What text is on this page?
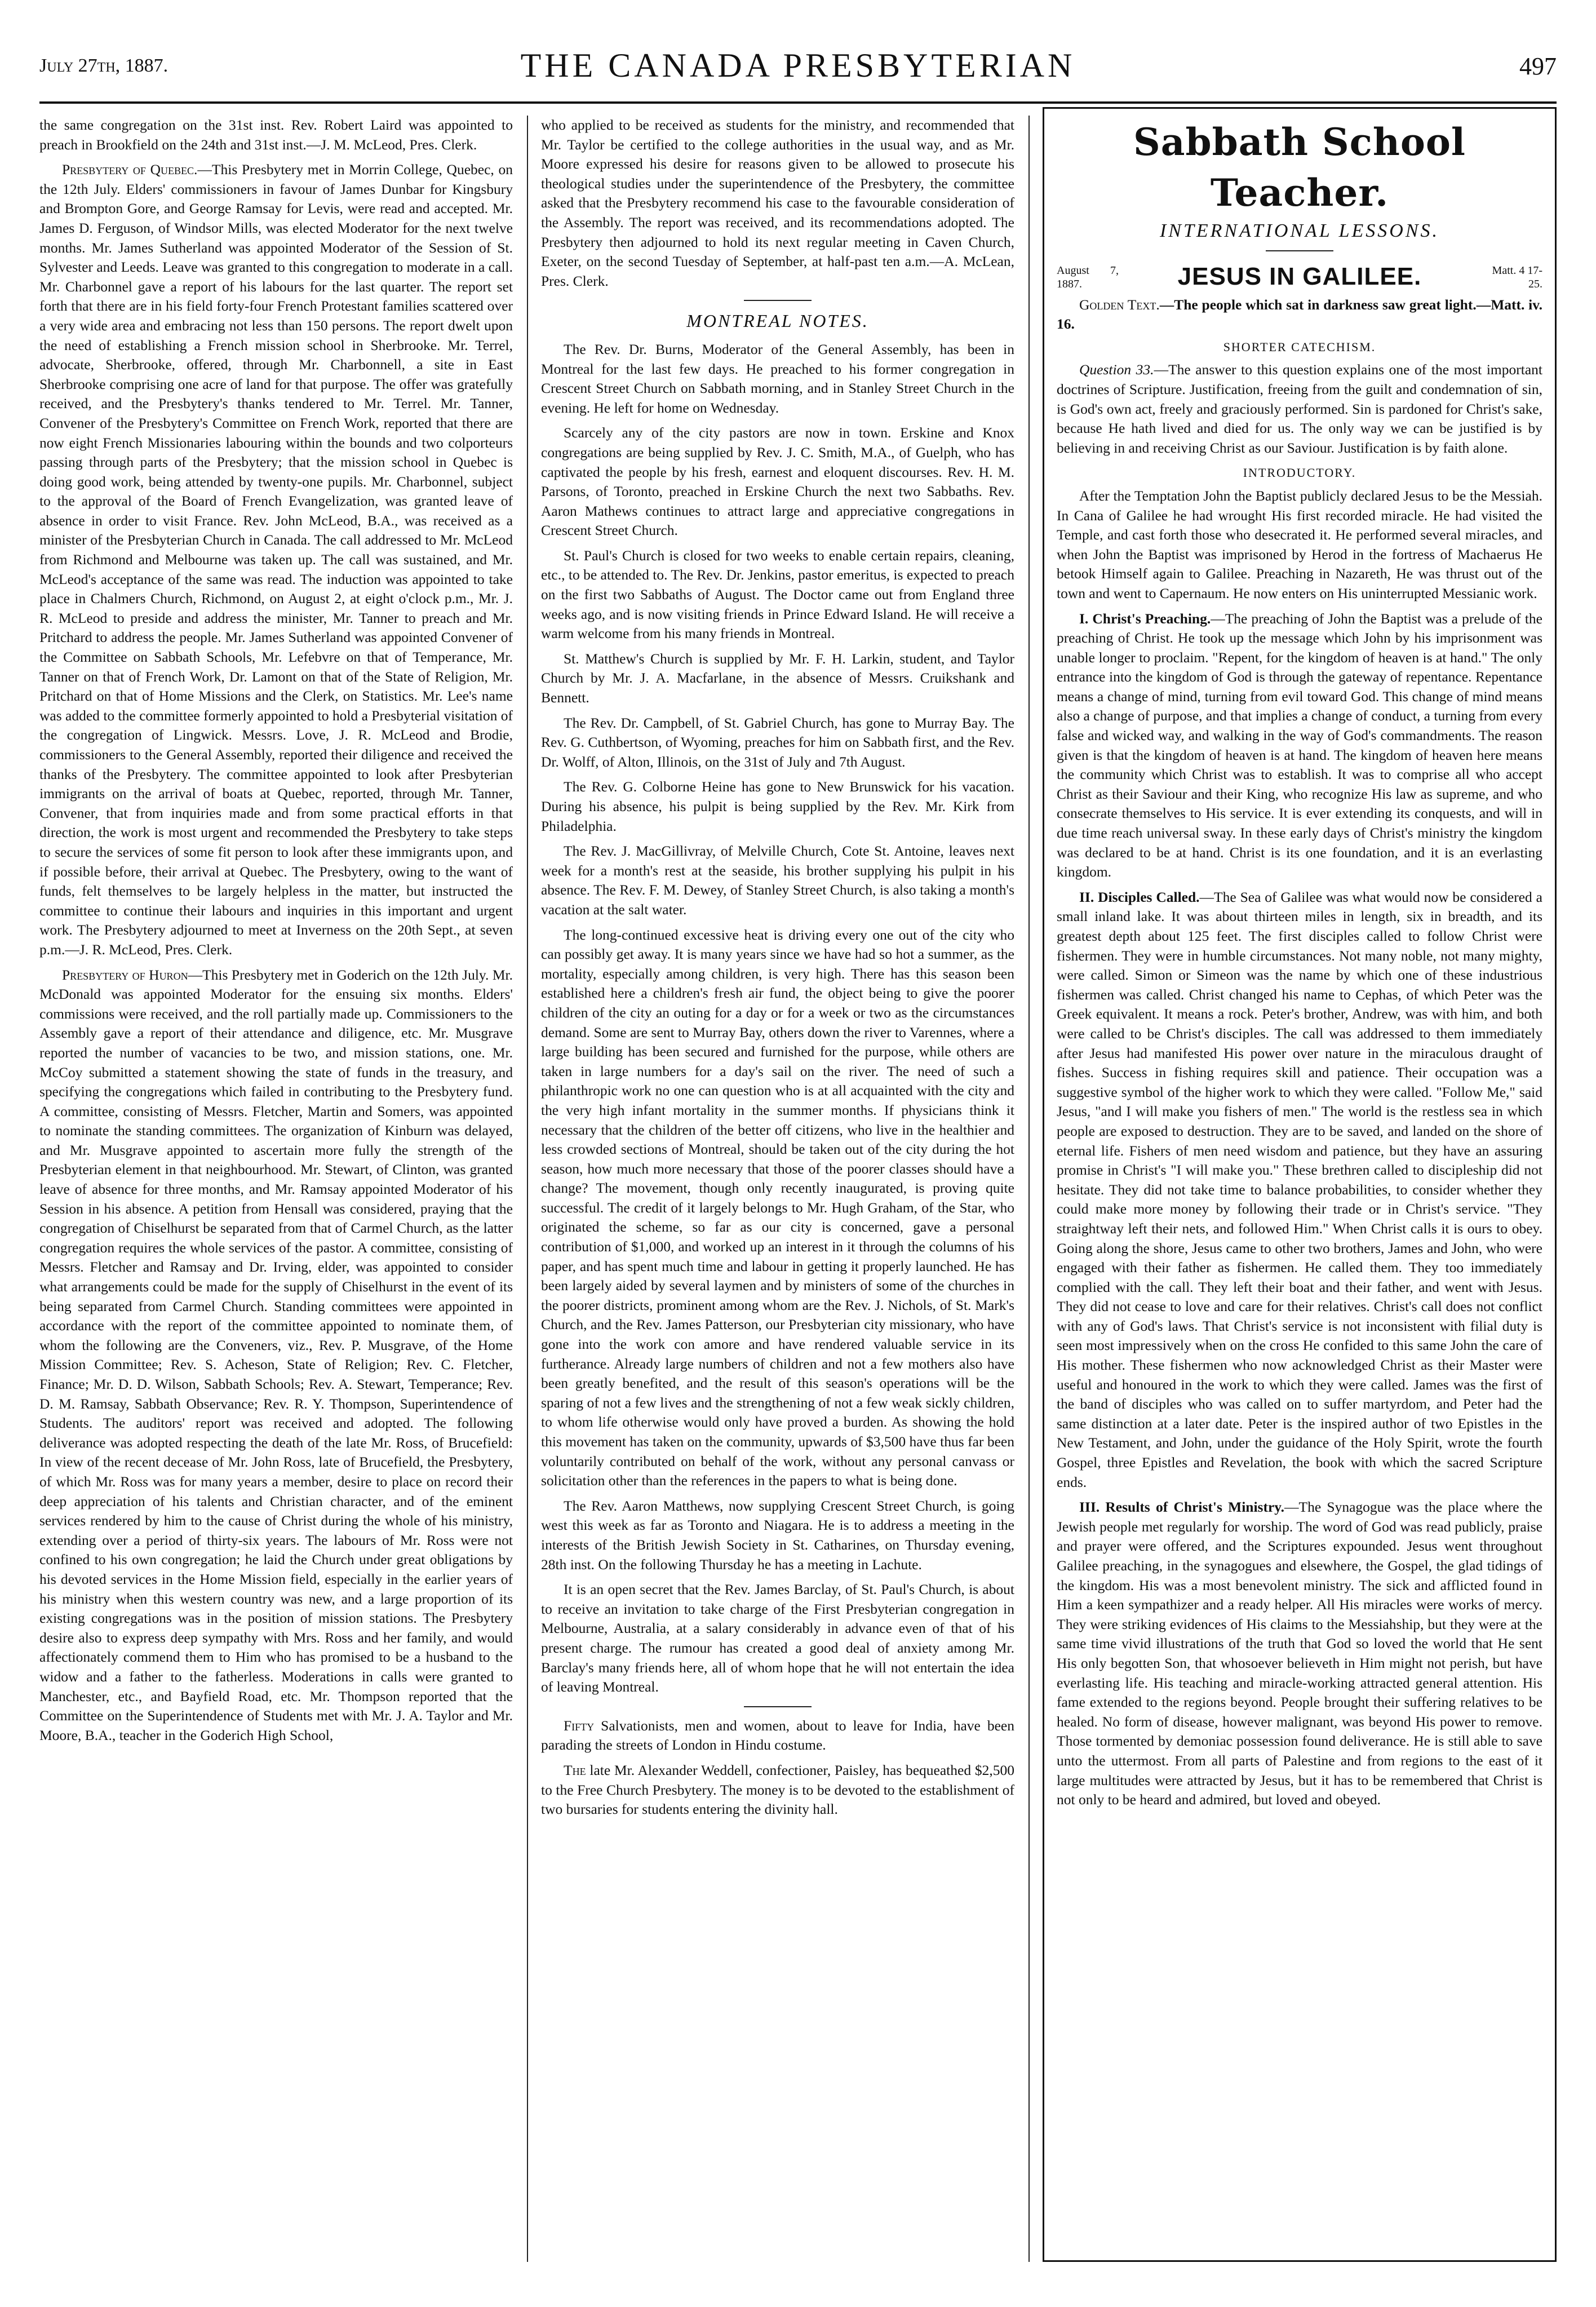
July 27th, 1887.	THE CANADA PRESBYTERIAN	497

the same congregation on the 31st inst. Rev. Robert Laird was appointed to preach in Brookfield on the 24th and 31st inst.—J. M. McLeod, Pres. Clerk.

Presbytery of Quebec.—This Presbytery met in Morrin College, Quebec, on the 12th July. Elders' commissioners in favour of James Dunbar for Kingsbury and Brompton Gore, and George Ramsay for Levis, were read and accepted. Mr. James D. Ferguson, of Windsor Mills, was elected Moderator for the next twelve months. Mr. James Sutherland was appointed Moderator of the Session of St. Sylvester and Leeds. Leave was granted to this congregation to moderate in a call. Mr. Charbonnel gave a report of his labours for the last quarter. The report set forth that there are in his field forty-four French Protestant families scattered over a very wide area and embracing not less than 150 persons. The report dwelt upon the need of establishing a French mission school in Sherbrooke. Mr. Terrel, advocate, Sherbrooke, offered, through Mr. Charbonnell, a site in East Sherbrooke comprising one acre of land for that purpose. The offer was gratefully received, and the Presbytery's thanks tendered to Mr. Terrel. Mr. Tanner, Convener of the Presbytery's Committee on French Work, reported that there are now eight French Missionaries labouring within the bounds and two colporteurs passing through parts of the Presbytery; that the mission school in Quebec is doing good work, being attended by twenty-one pupils. Mr. Charbonnel, subject to the approval of the Board of French Evangelization, was granted leave of absence in order to visit France. Rev. John McLeod, B.A., was received as a minister of the Presbyterian Church in Canada. The call addressed to Mr. McLeod from Richmond and Melbourne was taken up. The call was sustained, and Mr. McLeod's acceptance of the same was read. The induction was appointed to take place in Chalmers Church, Richmond, on August 2, at eight o'clock p.m., Mr. J. R. McLeod to preside and address the minister, Mr. Tanner to preach and Mr. Pritchard to address the people. Mr. James Sutherland was appointed Convener of the Committee on Sabbath Schools, Mr. Lefebvre on that of Temperance, Mr. Tanner on that of French Work, Dr. Lamont on that of the State of Religion, Mr. Pritchard on that of Home Missions and the Clerk, on Statistics. Mr. Lee's name was added to the committee formerly appointed to hold a Presbyterial visitation of the congregation of Lingwick. Messrs. Love, J. R. McLeod and Brodie, commissioners to the General Assembly, reported their diligence and received the thanks of the Presbytery. The committee appointed to look after Presbyterian immigrants on the arrival of boats at Quebec, reported, through Mr. Tanner, Convener, that from inquiries made and from some practical efforts in that direction, the work is most urgent and recommended the Presbytery to take steps to secure the services of some fit person to look after these immigrants upon, and if possible before, their arrival at Quebec. The Presbytery, owing to the want of funds, felt themselves to be largely helpless in the matter, but instructed the committee to continue their labours and inquiries in this important and urgent work. The Presbytery adjourned to meet at Inverness on the 20th Sept., at seven p.m.—J. R. McLeod, Pres. Clerk.

Presbytery of Huron—This Presbytery met in Goderich on the 12th July. Mr. McDonald was appointed Moderator for the ensuing six months. Elders' commissions were received, and the roll partially made up. Commissioners to the Assembly gave a report of their attendance and diligence, etc. Mr. Musgrave reported the number of vacancies to be two, and mission stations, one. Mr. McCoy submitted a statement showing the state of funds in the treasury, and specifying the congregations which failed in contributing to the Presbytery fund. A committee, consisting of Messrs. Fletcher, Martin and Somers, was appointed to nominate the standing committees. The organization of Kinburn was delayed, and Mr. Musgrave appointed to ascertain more fully the strength of the Presbyterian element in that neighbourhood. Mr. Stewart, of Clinton, was granted leave of absence for three months, and Mr. Ramsay appointed Moderator of his Session in his absence. A petition from Hensall was considered, praying that the congregation of Chiselhurst be separated from that of Carmel Church, as the latter congregation requires the whole services of the pastor. A committee, consisting of Messrs. Fletcher and Ramsay and Dr. Irving, elder, was appointed to consider what arrangements could be made for the supply of Chiselhurst in the event of its being separated from Carmel Church. Standing committees were appointed in accordance with the report of the committee appointed to nominate them, of whom the following are the Conveners, viz., Rev. P. Musgrave, of the Home Mission Committee; Rev. S. Acheson, State of Religion; Rev. C. Fletcher, Finance; Mr. D. D. Wilson, Sabbath Schools; Rev. A. Stewart, Temperance; Rev. D. M. Ramsay, Sabbath Observance; Rev. R. Y. Thompson, Superintendence of Students. The auditors' report was received and adopted. The following deliverance was adopted respecting the death of the late Mr. Ross, of Brucefield: In view of the recent decease of Mr. John Ross, late of Brucefield, the Presbytery, of which Mr. Ross was for many years a member, desire to place on record their deep appreciation of his talents and Christian character, and of the eminent services rendered by him to the cause of Christ during the whole of his ministry, extending over a period of thirty-six years. The labours of Mr. Ross were not confined to his own congregation; he laid the Church under great obligations by his devoted services in the Home Mission field, especially in the earlier years of his ministry when this western country was new, and a large proportion of its existing congregations was in the position of mission stations. The Presbytery desire also to express deep sympathy with Mrs. Ross and her family, and would affectionately commend them to Him who has promised to be a husband to the widow and a father to the fatherless. Moderations in calls were granted to Manchester, etc., and Bayfield Road, etc. Mr. Thompson reported that the Committee on the Superintendence of Students met with Mr. J. A. Taylor and Mr. Moore, B.A., teacher in the Goderich High School,

who applied to be received as students for the ministry, and recommended that Mr. Taylor be certified to the college authorities in the usual way, and as Mr. Moore expressed his desire for reasons given to be allowed to prosecute his theological studies under the superintendence of the Presbytery, the committee asked that the Presbytery recommend his case to the favourable consideration of the Assembly. The report was received, and its recommendations adopted. The Presbytery then adjourned to hold its next regular meeting in Caven Church, Exeter, on the second Tuesday of September, at half-past ten a.m.—A. McLean, Pres. Clerk.

MONTREAL NOTES.

The Rev. Dr. Burns, Moderator of the General Assembly, has been in Montreal for the last few days. He preached to his former congregation in Crescent Street Church on Sabbath morning, and in Stanley Street Church in the evening. He left for home on Wednesday.

Scarcely any of the city pastors are now in town. Erskine and Knox congregations are being supplied by Rev. J. C. Smith, M.A., of Guelph, who has captivated the people by his fresh, earnest and eloquent discourses. Rev. H. M. Parsons, of Toronto, preached in Erskine Church the next two Sabbaths. Rev. Aaron Mathews continues to attract large and appreciative congregations in Crescent Street Church.

St. Paul's Church is closed for two weeks to enable certain repairs, cleaning, etc., to be attended to. The Rev. Dr. Jenkins, pastor emeritus, is expected to preach on the first two Sabbaths of August. The Doctor came out from England three weeks ago, and is now visiting friends in Prince Edward Island. He will receive a warm welcome from his many friends in Montreal.

St. Matthew's Church is supplied by Mr. F. H. Larkin, student, and Taylor Church by Mr. J. A. Macfarlane, in the absence of Messrs. Cruikshank and Bennett.

The Rev. Dr. Campbell, of St. Gabriel Church, has gone to Murray Bay. The Rev. G. Cuthbertson, of Wyoming, preaches for him on Sabbath first, and the Rev. Dr. Wolff, of Alton, Illinois, on the 31st of July and 7th August.

The Rev. G. Colborne Heine has gone to New Brunswick for his vacation. During his absence, his pulpit is being supplied by the Rev. Mr. Kirk from Philadelphia.

The Rev. J. MacGillivray, of Melville Church, Cote St. Antoine, leaves next week for a month's rest at the seaside, his brother supplying his pulpit in his absence. The Rev. F. M. Dewey, of Stanley Street Church, is also taking a month's vacation at the salt water.

The long-continued excessive heat is driving every one out of the city who can possibly get away. It is many years since we have had so hot a summer, as the mortality, especially among children, is very high. There has this season been established here a children's fresh air fund, the object being to give the poorer children of the city an outing for a day or for a week or two as the circumstances demand. Some are sent to Murray Bay, others down the river to Varennes, where a large building has been secured and furnished for the purpose, while others are taken in large numbers for a day's sail on the river. The need of such a philanthropic work no one can question who is at all acquainted with the city and the very high infant mortality in the summer months. If physicians think it necessary that the children of the better off citizens, who live in the healthier and less crowded sections of Montreal, should be taken out of the city during the hot season, how much more necessary that those of the poorer classes should have a change? The movement, though only recently inaugurated, is proving quite successful. The credit of it largely belongs to Mr. Hugh Graham, of the Star, who originated the scheme, so far as our city is concerned, gave a personal contribution of $1,000, and worked up an interest in it through the columns of his paper, and has spent much time and labour in getting it properly launched. He has been largely aided by several laymen and by ministers of some of the churches in the poorer districts, prominent among whom are the Rev. J. Nichols, of St. Mark's Church, and the Rev. James Patterson, our Presbyterian city missionary, who have gone into the work con amore and have rendered valuable service in its furtherance. Already large numbers of children and not a few mothers also have been greatly benefited, and the result of this season's operations will be the sparing of not a few lives and the strengthening of not a few weak sickly children, to whom life otherwise would only have proved a burden. As showing the hold this movement has taken on the community, upwards of $3,500 have thus far been voluntarily contributed on behalf of the work, without any personal canvass or solicitation other than the references in the papers to what is being done.

The Rev. Aaron Matthews, now supplying Crescent Street Church, is going west this week as far as Toronto and Niagara. He is to address a meeting in the interests of the British Jewish Society in St. Catharines, on Thursday evening, 28th inst. On the following Thursday he has a meeting in Lachute.

It is an open secret that the Rev. James Barclay, of St. Paul's Church, is about to receive an invitation to take charge of the First Presbyterian congregation in Melbourne, Australia, at a salary considerably in advance even of that of his present charge. The rumour has created a good deal of anxiety among Mr. Barclay's many friends here, all of whom hope that he will not entertain the idea of leaving Montreal.

Fifty Salvationists, men and women, about to leave for India, have been parading the streets of London in Hindu costume.

The late Mr. Alexander Weddell, confectioner, Paisley, has bequeathed $2,500 to the Free Church Presbytery. The money is to be devoted to the establishment of two bursaries for students entering the divinity hall.

Sabbath School Teacher.
INTERNATIONAL LESSONS.
August 7, 1887.	JESUS IN GALILEE.	Matt. 4 17-25.

Golden Text.—The people which sat in darkness saw great light.—Matt. iv. 16.

SHORTER CATECHISM.

Question 33.—The answer to this question explains one of the most important doctrines of Scripture. Justification, freeing from the guilt and condemnation of sin, is God's own act, freely and graciously performed. Sin is pardoned for Christ's sake, because He hath lived and died for us. The only way we can be justified is by believing in and receiving Christ as our Saviour. Justification is by faith alone.

INTRODUCTORY.

After the Temptation John the Baptist publicly declared Jesus to be the Messiah. In Cana of Galilee he had wrought His first recorded miracle. He had visited the Temple, and cast forth those who desecrated it. He performed several miracles, and when John the Baptist was imprisoned by Herod in the fortress of Machaerus He betook Himself again to Galilee. Preaching in Nazareth, He was thrust out of the town and went to Capernaum. He now enters on His uninterrupted Messianic work.

I. Christ's Preaching.—The preaching of John the Baptist was a prelude of the preaching of Christ. He took up the message which John by his imprisonment was unable longer to proclaim. "Repent, for the kingdom of heaven is at hand." The only entrance into the kingdom of God is through the gateway of repentance. Repentance means a change of mind, turning from evil toward God. This change of mind means also a change of purpose, and that implies a change of conduct, a turning from every false and wicked way, and walking in the way of God's commandments. The reason given is that the kingdom of heaven is at hand. The kingdom of heaven here means the community which Christ was to establish. It was to comprise all who accept Christ as their Saviour and their King, who recognize His law as supreme, and who consecrate themselves to His service. It is ever extending its conquests, and will in due time reach universal sway. In these early days of Christ's ministry the kingdom was declared to be at hand. Christ is its one foundation, and it is an everlasting kingdom.

II. Disciples Called.—The Sea of Galilee was what would now be considered a small inland lake. It was about thirteen miles in length, six in breadth, and its greatest depth about 125 feet. The first disciples called to follow Christ were fishermen. They were in humble circumstances. Not many noble, not many mighty, were called. Simon or Simeon was the name by which one of these industrious fishermen was called. Christ changed his name to Cephas, of which Peter was the Greek equivalent. It means a rock. Peter's brother, Andrew, was with him, and both were called to be Christ's disciples. The call was addressed to them immediately after Jesus had manifested His power over nature in the miraculous draught of fishes. Success in fishing requires skill and patience. Their occupation was a suggestive symbol of the higher work to which they were called. "Follow Me," said Jesus, "and I will make you fishers of men." The world is the restless sea in which people are exposed to destruction. They are to be saved, and landed on the shore of eternal life. Fishers of men need wisdom and patience, but they have an assuring promise in Christ's "I will make you." These brethren called to discipleship did not hesitate. They did not take time to balance probabilities, to consider whether they could make more money by following their trade or in Christ's service. "They straightway left their nets, and followed Him." When Christ calls it is ours to obey. Going along the shore, Jesus came to other two brothers, James and John, who were engaged with their father as fishermen. He called them. They too immediately complied with the call. They left their boat and their father, and went with Jesus. They did not cease to love and care for their relatives. Christ's call does not conflict with any of God's laws. That Christ's service is not inconsistent with filial duty is seen most impressively when on the cross He confided to this same John the care of His mother. These fishermen who now acknowledged Christ as their Master were useful and honoured in the work to which they were called. James was the first of the band of disciples who was called on to suffer martyrdom, and Peter had the same distinction at a later date. Peter is the inspired author of two Epistles in the New Testament, and John, under the guidance of the Holy Spirit, wrote the fourth Gospel, three Epistles and Revelation, the book with which the sacred Scripture ends.

III. Results of Christ's Ministry.—The Synagogue was the place where the Jewish people met regularly for worship. The word of God was read publicly, praise and prayer were offered, and the Scriptures expounded. Jesus went throughout Galilee preaching, in the synagogues and elsewhere, the Gospel, the glad tidings of the kingdom. His was a most benevolent ministry. The sick and afflicted found in Him a keen sympathizer and a ready helper. All His miracles were works of mercy. They were striking evidences of His claims to the Messiahship, but they were at the same time vivid illustrations of the truth that God so loved the world that He sent His only begotten Son, that whosoever believeth in Him might not perish, but have everlasting life. His teaching and miracle-working attracted general attention. His fame extended to the regions beyond. People brought their suffering relatives to be healed. No form of disease, however malignant, was beyond His power to remove. Those tormented by demoniac possession found deliverance. He is still able to save unto the uttermost. From all parts of Palestine and from regions to the east of it large multitudes were attracted by Jesus, but it has to be remembered that Christ is not only to be heard and admired, but loved and obeyed.
